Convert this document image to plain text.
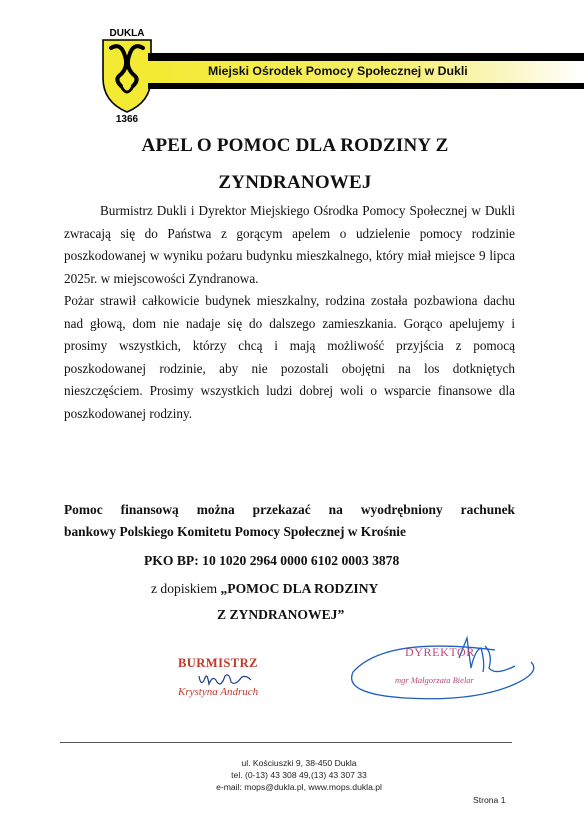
DUKLA
1366
Miejski Ośrodek Pomocy Społecznej w Dukli
APEL O POMOC DLA RODZINY Z
ZYNDRANOWEJ

Burmistrz Dukli i Dyrektor Miejskiego Ośrodka Pomocy Społecznej w Dukli zwracają się do Państwa z gorącym apelem o udzielenie pomocy rodzinie poszkodowanej w wyniku pożaru budynku mieszkalnego, który miał miejsce 9 lipca 2025r. w miejscowości Zyndranowa.

Pożar strawił całkowicie budynek mieszkalny, rodzina została pozbawiona dachu nad głową, dom nie nadaje się do dalszego zamieszkania. Gorąco apelujemy i prosimy wszystkich, którzy chcą i mają możliwość przyjścia z pomocą poszkodowanej rodzinie, aby nie pozostali obojętni na los dotkniętych nieszczęściem. Prosimy wszystkich ludzi dobrej woli o wsparcie finansowe dla poszkodowanej rodziny.

Pomoc finansową można przekazać na wyodrębniony rachunek
bankowy Polskiego Komitetu Pomocy Społecznej w Krośnie
PKO BP: 10 1020 2964 0000 6102 0003 3878
z dopiskiem „POMOC DLA RODZINY
Z ZYNDRANOWEJ”
BURMISTRZ
Krystyna Andruch
DYREKTOR
mgr Małgorzata Bielar
ul. Kościuszki 9, 38-450 Dukla
tel. (0-13) 43 308 49,(13) 43 307 33
e-mail: mops@dukla.pl, www.mops.dukla.pl
Strona 1
